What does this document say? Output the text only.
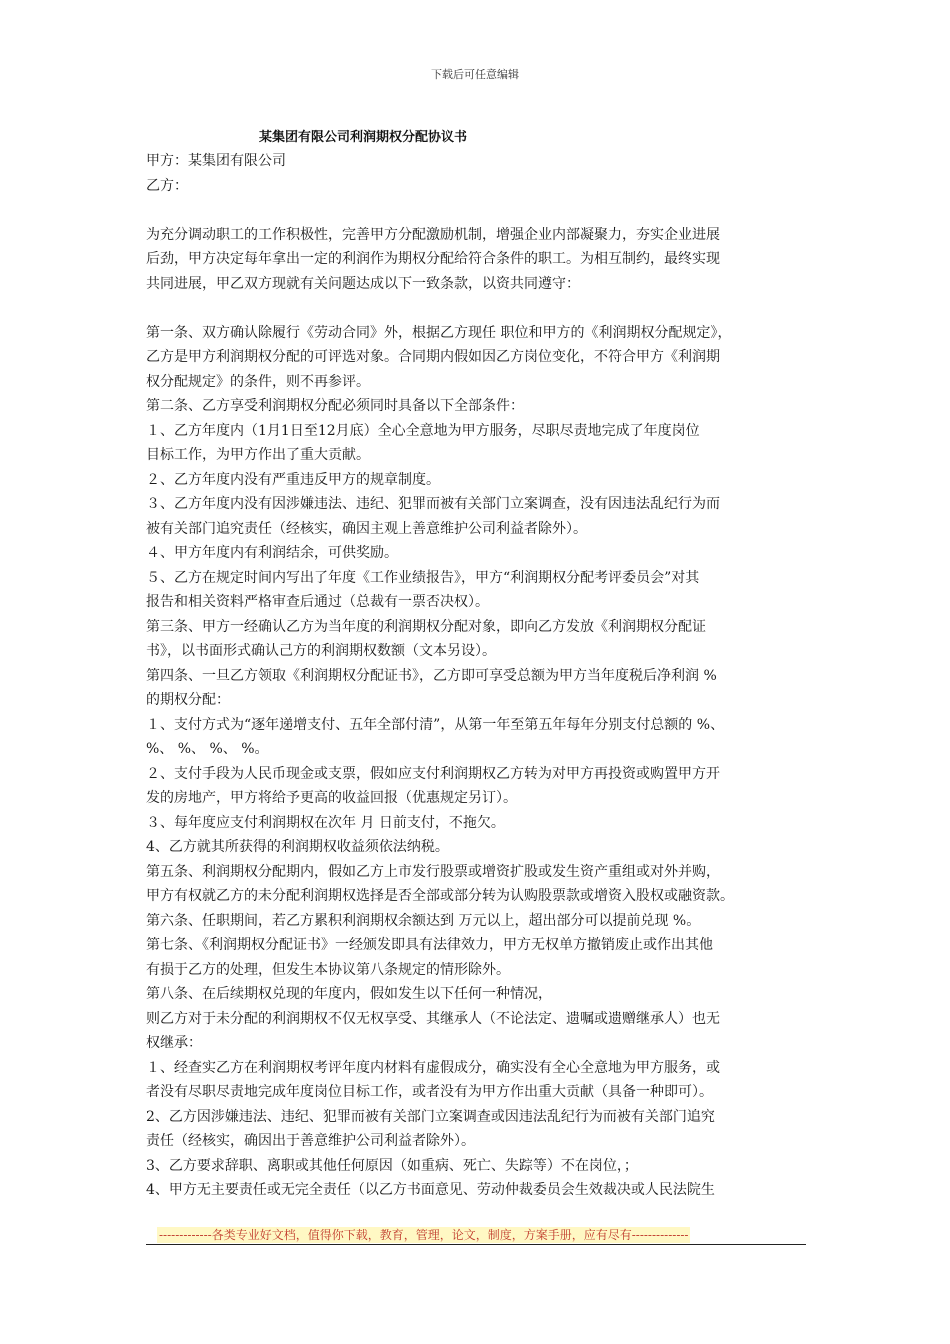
下载后可任意编辑
某集团有限公司利润期权分配协议书
甲方：某集团有限公司
乙方：
为充分调动职工的工作积极性，完善甲方分配激励机制，增强企业内部凝聚力，夯实企业进展
后劲，甲方决定每年拿出一定的利润作为期权分配给符合条件的职工。为相互制约，最终实现
共同进展，甲乙双方现就有关问题达成以下一致条款，以资共同遵守：
第一条、双方确认除履行《劳动合同》外，根据乙方现任 职位和甲方的《利润期权分配规定》，
乙方是甲方利润期权分配的可评选对象。合同期内假如因乙方岗位变化，不符合甲方《利润期
权分配规定》的条件，则不再参评。
第二条、乙方享受利润期权分配必须同时具备以下全部条件：
１、乙方年度内（1月1日至12月底）全心全意地为甲方服务，尽职尽责地完成了年度岗位
目标工作，为甲方作出了重大贡献。
２、乙方年度内没有严重违反甲方的规章制度。
３、乙方年度内没有因涉嫌违法、违纪、犯罪而被有关部门立案调查，没有因违法乱纪行为而
被有关部门追究责任（经核实，确因主观上善意维护公司利益者除外）。
４、甲方年度内有利润结余，可供奖励。
５、乙方在规定时间内写出了年度《工作业绩报告》，甲方“利润期权分配考评委员会”对其
报告和相关资料严格审查后通过（总裁有一票否决权）。
第三条、甲方一经确认乙方为当年度的利润期权分配对象，即向乙方发放《利润期权分配证
书》，以书面形式确认己方的利润期权数额（文本另设）。
第四条、一旦乙方领取《利润期权分配证书》，乙方即可享受总额为甲方当年度税后净利润 %
的期权分配：
１、支付方式为“逐年递增支付、五年全部付清”，从第一年至第五年每年分别支付总额的 %、
%、 %、 %、 %。
２、支付手段为人民币现金或支票，假如应支付利润期权乙方转为对甲方再投资或购置甲方开
发的房地产，甲方将给予更高的收益回报（优惠规定另订）。
３、每年度应支付利润期权在次年 月 日前支付，不拖欠。
4、乙方就其所获得的利润期权收益须依法纳税。
第五条、利润期权分配期内，假如乙方上市发行股票或增资扩股或发生资产重组或对外并购，
甲方有权就乙方的未分配利润期权选择是否全部或部分转为认购股票款或增资入股权或融资款。
第六条、任职期间，若乙方累积利润期权余额达到 万元以上，超出部分可以提前兑现 %。
第七条、《利润期权分配证书》一经颁发即具有法律效力，甲方无权单方撤销废止或作出其他
有损于乙方的处理，但发生本协议第八条规定的情形除外。
第八条、在后续期权兑现的年度内，假如发生以下任何一种情况，
则乙方对于未分配的利润期权不仅无权享受、其继承人（不论法定、遗嘱或遗赠继承人）也无
权继承：
１、经查实乙方在利润期权考评年度内材料有虚假成分，确实没有全心全意地为甲方服务，或
者没有尽职尽责地完成年度岗位目标工作，或者没有为甲方作出重大贡献（具备一种即可）。
2、乙方因涉嫌违法、违纪、犯罪而被有关部门立案调查或因违法乱纪行为而被有关部门追究
责任（经核实，确因出于善意维护公司利益者除外）。
3、乙方要求辞职、离职或其他任何原因（如重病、死亡、失踪等）不在岗位，；
4、甲方无主要责任或无完全责任（以乙方书面意见、劳动仲裁委员会生效裁决或人民法院生
-------------各类专业好文档，值得你下载，教育，管理，论文，制度，方案手册，应有尽有--------------
